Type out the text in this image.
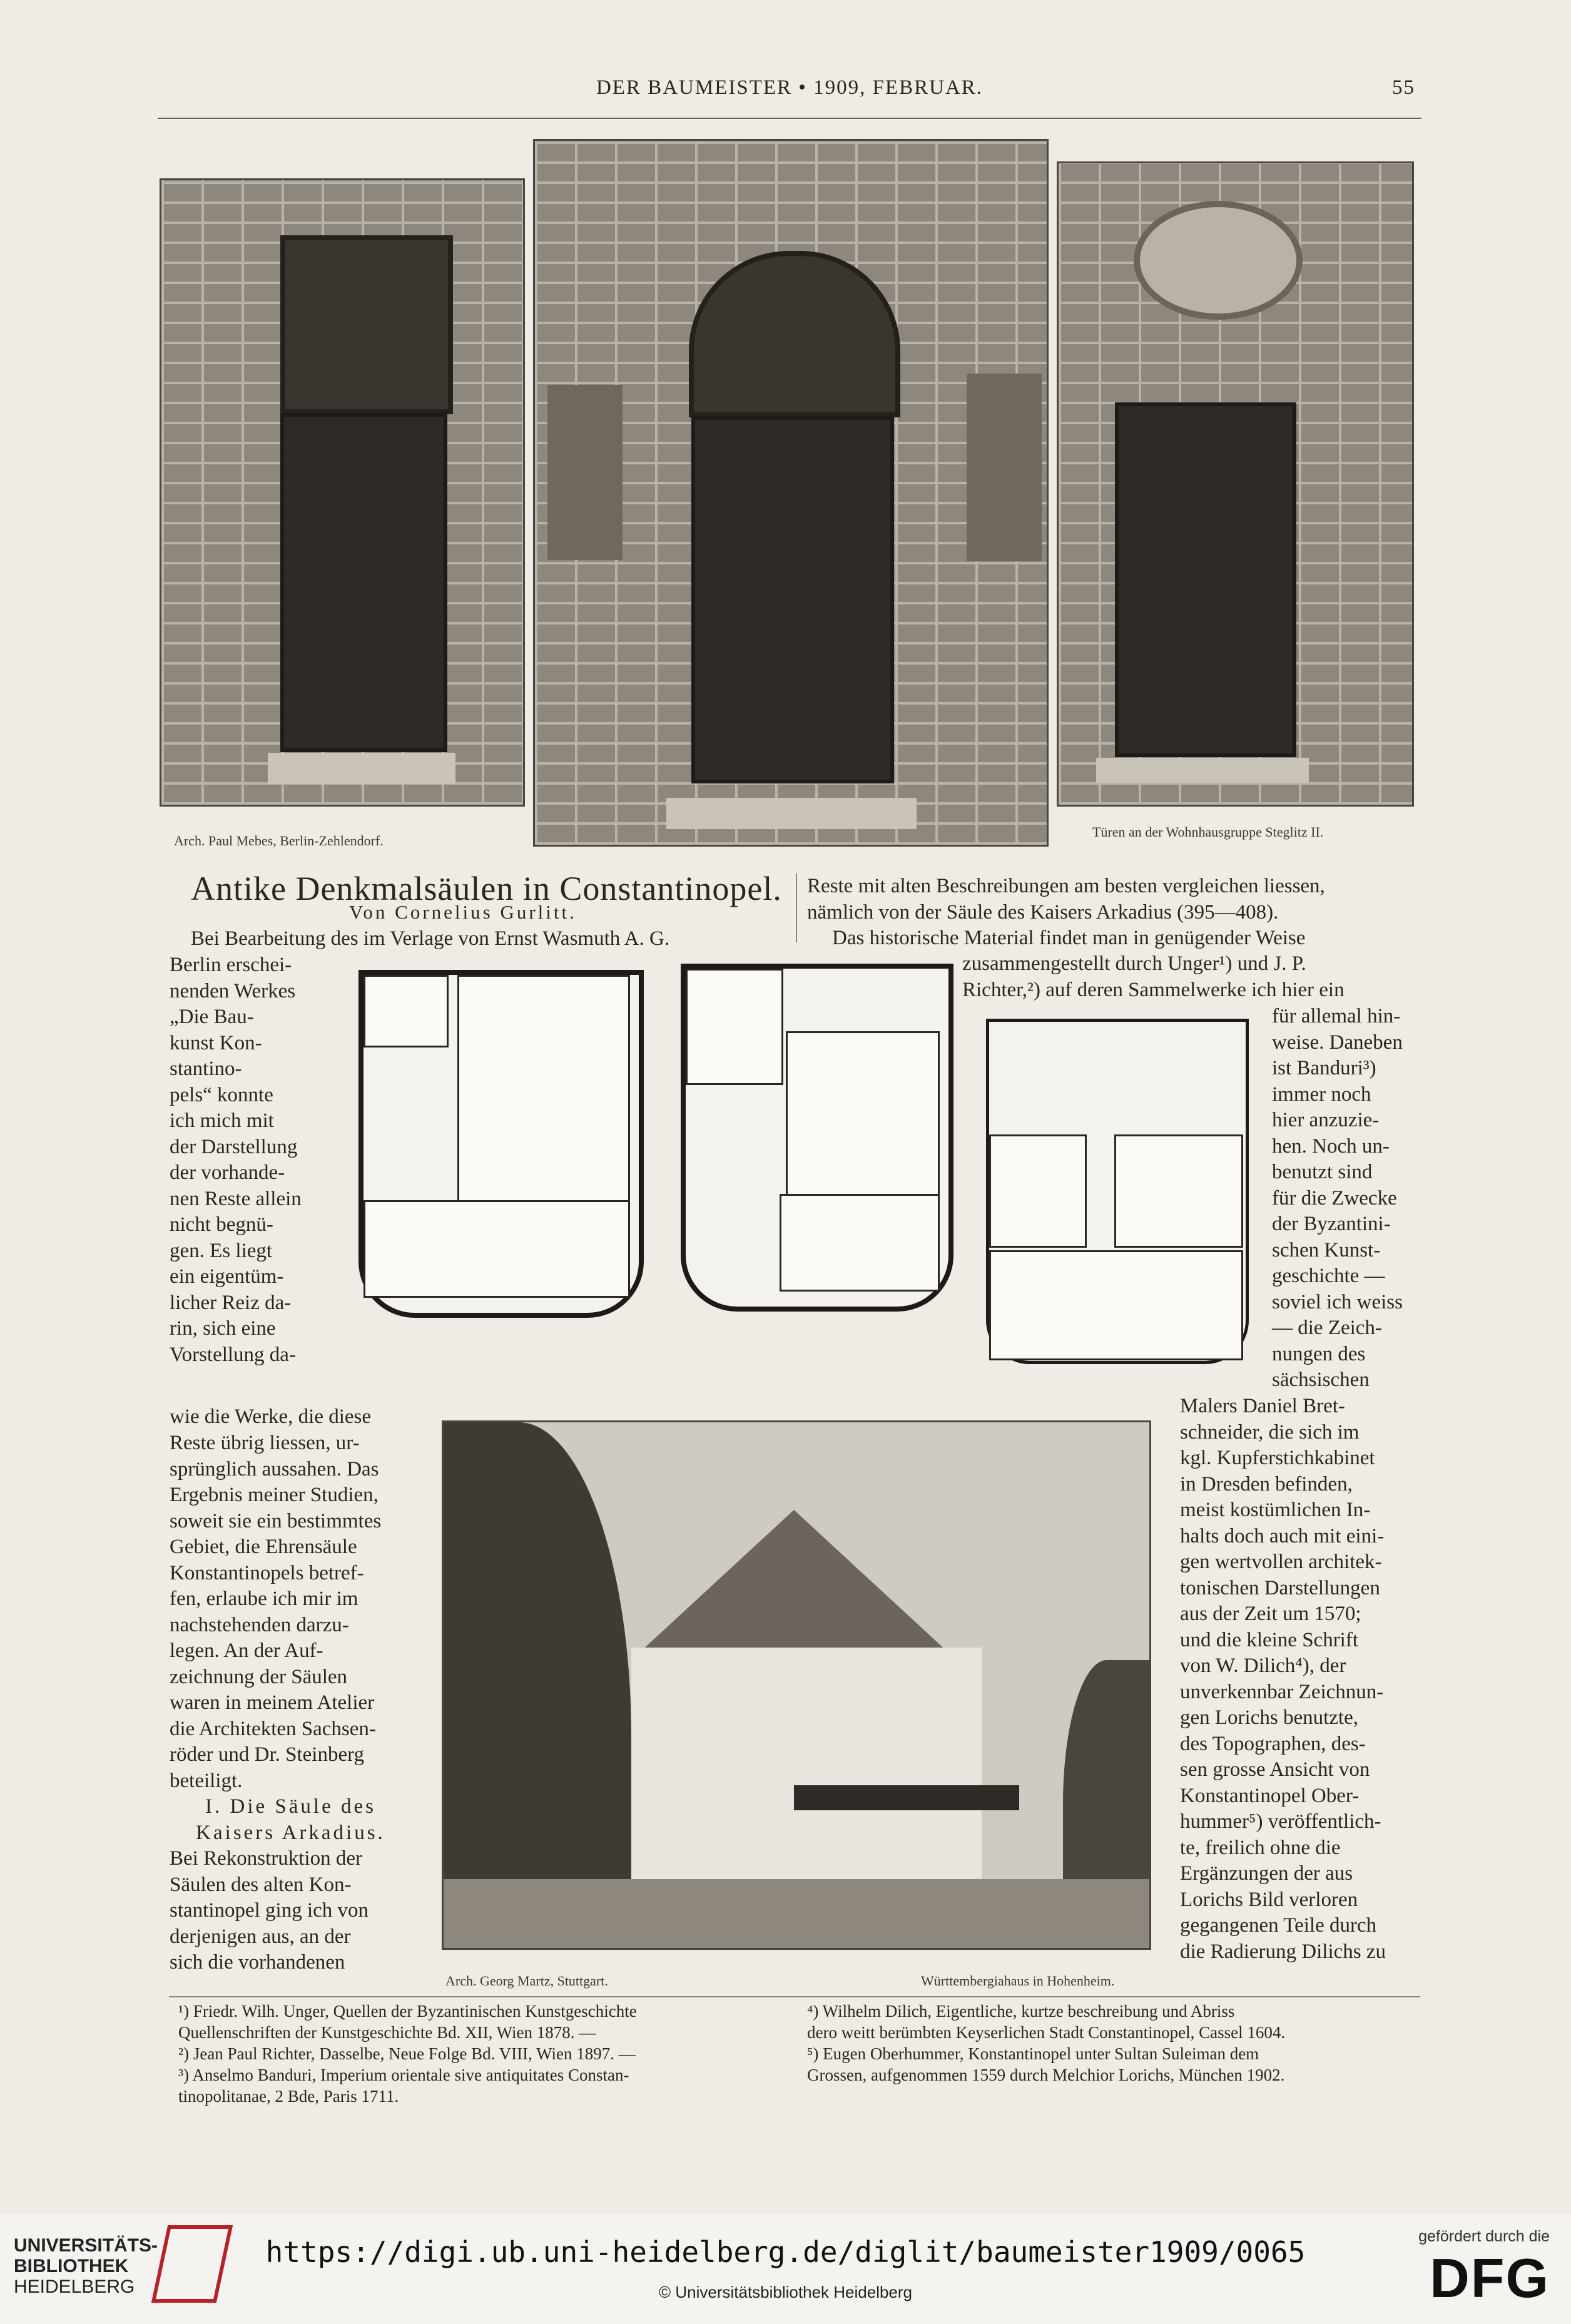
DER BAUMEISTER • 1909, FEBRUAR.	55
Arch. Paul Mebes, Berlin-Zehlendorf.
Türen an der Wohnhausgruppe Steglitz II.
Antike Denkmalsäulen in Constantinopel.
Von Cornelius Gurlitt.
Bei Bearbeitung des im Verlage von Ernst Wasmuth A. G.

Berlin erschei-

nenden Werkes

„Die Bau-

kunst Kon-

stantino-

pels“ konnte

ich mich mit

der Darstellung

der vorhande-

nen Reste allein

nicht begnü-

gen. Es liegt

ein eigentüm-

licher Reiz da-

rin, sich eine

Vorstellung da-

wie die Werke, die diese

Reste übrig liessen, ur-

sprünglich aussahen. Das

Ergebnis meiner Studien,

soweit sie ein bestimmtes

Gebiet, die Ehrensäule

Konstantinopels betref-

fen, erlaube ich mir im

nachstehenden darzu-

legen. An der Auf-

zeichnung der Säulen

waren in meinem Atelier

die Architekten Sachsen-

röder und Dr. Steinberg

beteiligt.

I. Die Säule des

Kaisers Arkadius.

Bei Rekonstruktion der

Säulen des alten Kon-

stantinopel ging ich von

derjenigen aus, an der

sich die vorhandenen

Reste mit alten Beschreibungen am besten vergleichen liessen,

nämlich von der Säule des Kaisers Arkadius (395—408).

Das historische Material findet man in genügender Weise

zusammengestellt durch Unger¹) und J. P.

Richter,²) auf deren Sammelwerke ich hier ein

für allemal hin-

weise. Daneben

ist Banduri³)

immer noch

hier anzuzie-

hen. Noch un-

benutzt sind

für die Zwecke

der Byzantini-

schen Kunst-

geschichte —

soviel ich weiss

— die Zeich-

nungen des

sächsischen

Malers Daniel Bret-

schneider, die sich im

kgl. Kupferstichkabinet

in Dresden befinden,

meist kostümlichen In-

halts doch auch mit eini-

gen wertvollen architek-

tonischen Darstellungen

aus der Zeit um 1570;

und die kleine Schrift

von W. Dilich⁴), der

unverkennbar Zeichnun-

gen Lorichs benutzte,

des Topographen, des-

sen grosse Ansicht von

Konstantinopel Ober-

hummer⁵) veröffentlich-

te, freilich ohne die

Ergänzungen der aus

Lorichs Bild verloren

gegangenen Teile durch

die Radierung Dilichs zu

Arch. Georg Martz, Stuttgart.	Württembergiahaus in Hohenheim.
¹) Friedr. Wilh. Unger, Quellen der Byzantinischen Kunstgeschichte
Quellenschriften der Kunstgeschichte Bd. XII, Wien 1878. —
²) Jean Paul Richter, Dasselbe, Neue Folge Bd. VIII, Wien 1897. —
³) Anselmo Banduri, Imperium orientale sive antiquitates Constan-
tinopolitanae, 2 Bde, Paris 1711.
⁴) Wilhelm Dilich, Eigentliche, kurtze beschreibung und Abriss
dero weitt berümbten Keyserlichen Stadt Constantinopel, Cassel 1604.
⁵) Eugen Oberhummer, Konstantinopel unter Sultan Suleiman dem
Grossen, aufgenommen 1559 durch Melchior Lorichs, München 1902.
UNIVERSITÄTS-
BIBLIOTHEK
HEIDELBERG
https://digi.ub.uni-heidelberg.de/diglit/baumeister1909/0065
© Universitätsbibliothek Heidelberg
gefördert durch die
DFG
